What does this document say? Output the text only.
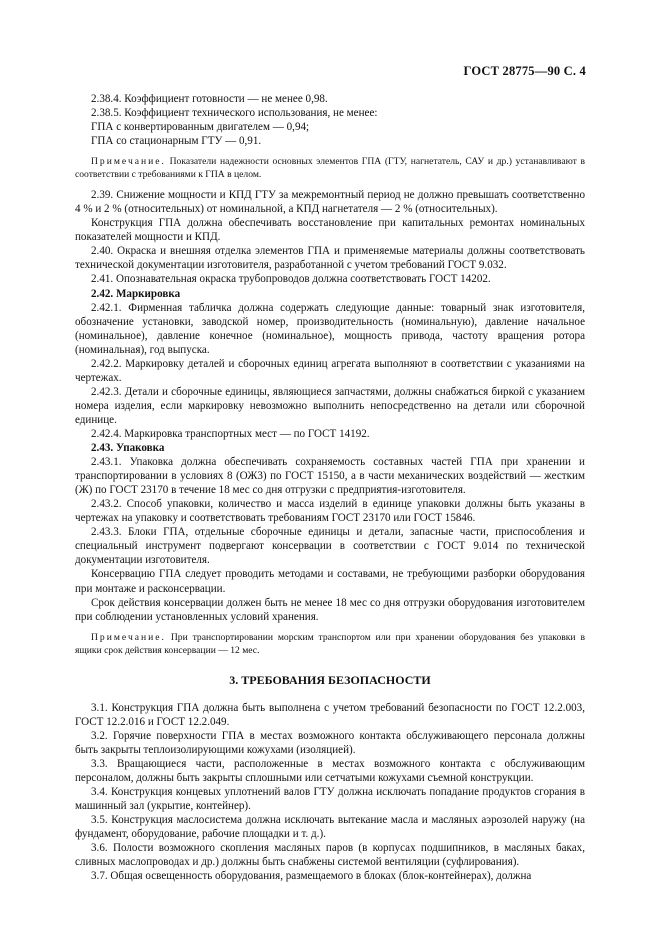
ГОСТ 28775—90 С. 4

2.38.4. Коэффициент готовности — не менее 0,98.

2.38.5. Коэффициент технического использования, не менее:

ГПА с конвертированным двигателем — 0,94;

ГПА со стационарным ГТУ — 0,91.

Примечание. Показатели надежности основных элементов ГПА (ГТУ, нагнетатель, САУ и др.) устанавливают в соответствии с требованиями к ГПА в целом.

2.39. Снижение мощности и КПД ГТУ за межремонтный период не должно превышать соответственно 4 % и 2 % (относительных) от номинальной, а КПД нагнетателя — 2 % (относительных).

Конструкция ГПА должна обеспечивать восстановление при капитальных ремонтах номинальных показателей мощности и КПД.

2.40. Окраска и внешняя отделка элементов ГПА и применяемые материалы должны соответствовать технической документации изготовителя, разработанной с учетом требований ГОСТ 9.032.

2.41. Опознавательная окраска трубопроводов должна соответствовать ГОСТ 14202.

2.42. Маркировка

2.42.1. Фирменная табличка должна содержать следующие данные: товарный знак изготовителя, обозначение установки, заводской номер, производительность (номинальную), давление начальное (номинальное), давление конечное (номинальное), мощность привода, частоту вращения ротора (номинальная), год выпуска.

2.42.2. Маркировку деталей и сборочных единиц агрегата выполняют в соответствии с указаниями на чертежах.

2.42.3. Детали и сборочные единицы, являющиеся запчастями, должны снабжаться биркой с указанием номера изделия, если маркировку невозможно выполнить непосредственно на детали или сборочной единице.

2.42.4. Маркировка транспортных мест — по ГОСТ 14192.

2.43. Упаковка

2.43.1. Упаковка должна обеспечивать сохраняемость составных частей ГПА при хранении и транспортировании в условиях 8 (ОЖ3) по ГОСТ 15150, а в части механических воздействий — жестким (Ж) по ГОСТ 23170 в течение 18 мес со дня отгрузки с предприятия-изготовителя.

2.43.2. Способ упаковки, количество и масса изделий в единице упаковки должны быть указаны в чертежах на упаковку и соответствовать требованиям ГОСТ 23170 или ГОСТ 15846.

2.43.3. Блоки ГПА, отдельные сборочные единицы и детали, запасные части, приспособления и специальный инструмент подвергают консервации в соответствии с ГОСТ 9.014 по технической документации изготовителя.

Консервацию ГПА следует проводить методами и составами, не требующими разборки оборудования при монтаже и расконсервации.

Срок действия консервации должен быть не менее 18 мес со дня отгрузки оборудования изготовителем при соблюдении установленных условий хранения.

Примечание. При транспортировании морским транспортом или при хранении оборудования без упаковки в ящики срок действия консервации — 12 мес.

3. ТРЕБОВАНИЯ БЕЗОПАСНОСТИ

3.1. Конструкция ГПА должна быть выполнена с учетом требований безопасности по ГОСТ 12.2.003, ГОСТ 12.2.016 и ГОСТ 12.2.049.

3.2. Горячие поверхности ГПА в местах возможного контакта обслуживающего персонала должны быть закрыты теплоизолирующими кожухами (изоляцией).

3.3. Вращающиеся части, расположенные в местах возможного контакта с обслуживающим персоналом, должны быть закрыты сплошными или сетчатыми кожухами съемной конструкции.

3.4. Конструкция концевых уплотнений валов ГТУ должна исключать попадание продуктов сгорания в машинный зал (укрытие, контейнер).

3.5. Конструкция маслосистема должна исключать вытекание масла и масляных аэрозолей наружу (на фундамент, оборудование, рабочие площадки и т. д.).

3.6. Полости возможного скопления масляных паров (в корпусах подшипников, в масляных баках, сливных маслопроводах и др.) должны быть снабжены системой вентиляции (суфлирования).

3.7. Общая освещенность оборудования, размещаемого в блоках (блок-контейнерах), должна
